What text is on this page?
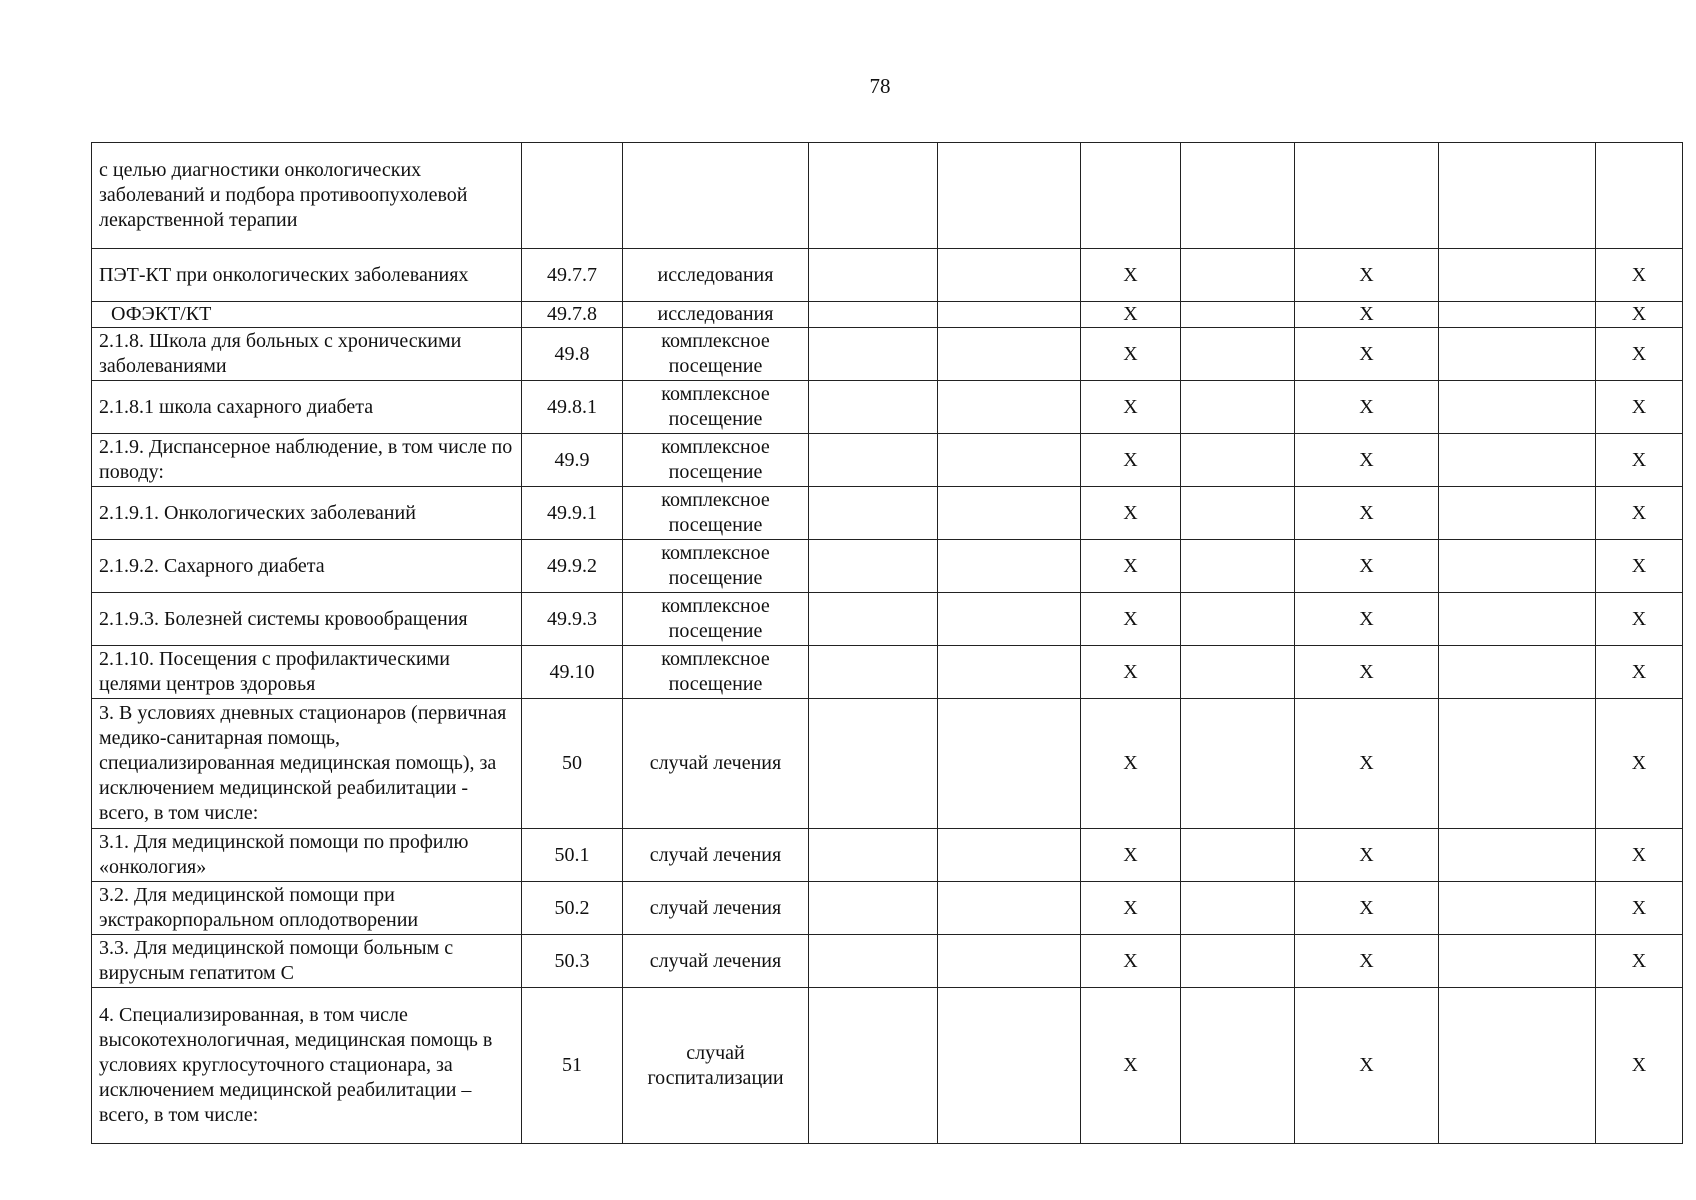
78
с целью диагностики онкологических заболеваний и подбора противоопухолевой лекарственной терапии									
ПЭТ-КТ при онкологических заболеваниях	49.7.7	исследования			Х		Х		Х
ОФЭКТ/КТ	49.7.8	исследования			Х		Х		Х
2.1.8. Школа для больных с хроническими заболеваниями	49.8	комплексное посещение			Х		Х		Х
2.1.8.1 школа сахарного диабета	49.8.1	комплексное посещение			Х		Х		Х
2.1.9. Диспансерное наблюдение, в том числе по поводу:	49.9	комплексное посещение			Х		Х		Х
2.1.9.1. Онкологических заболеваний	49.9.1	комплексное посещение			Х		Х		Х
2.1.9.2. Сахарного диабета	49.9.2	комплексное посещение			Х		Х		Х
2.1.9.3. Болезней системы кровообращения	49.9.3	комплексное посещение			Х		Х		Х
2.1.10. Посещения с профилактическими целями центров здоровья	49.10	комплексное посещение			Х		Х		Х
3. В условиях дневных стационаров (первичная медико-санитарная помощь, специализированная медицинская помощь), за исключением медицинской реабилитации - всего, в том числе:	50	случай лечения			Х		Х		Х
3.1. Для медицинской помощи по профилю «онкология»	50.1	случай лечения			Х		Х		Х
3.2. Для медицинской помощи при экстракорпоральном оплодотворении	50.2	случай лечения			Х		Х		Х
3.3. Для медицинской помощи больным с вирусным гепатитом С	50.3	случай лечения			Х		Х		Х
4. Специализированная, в том числе высокотехнологичная, медицинская помощь в условиях круглосуточного стационара, за исключением медицинской реабилитации – всего, в том числе:	51	случай госпитализации			Х		Х		Х
